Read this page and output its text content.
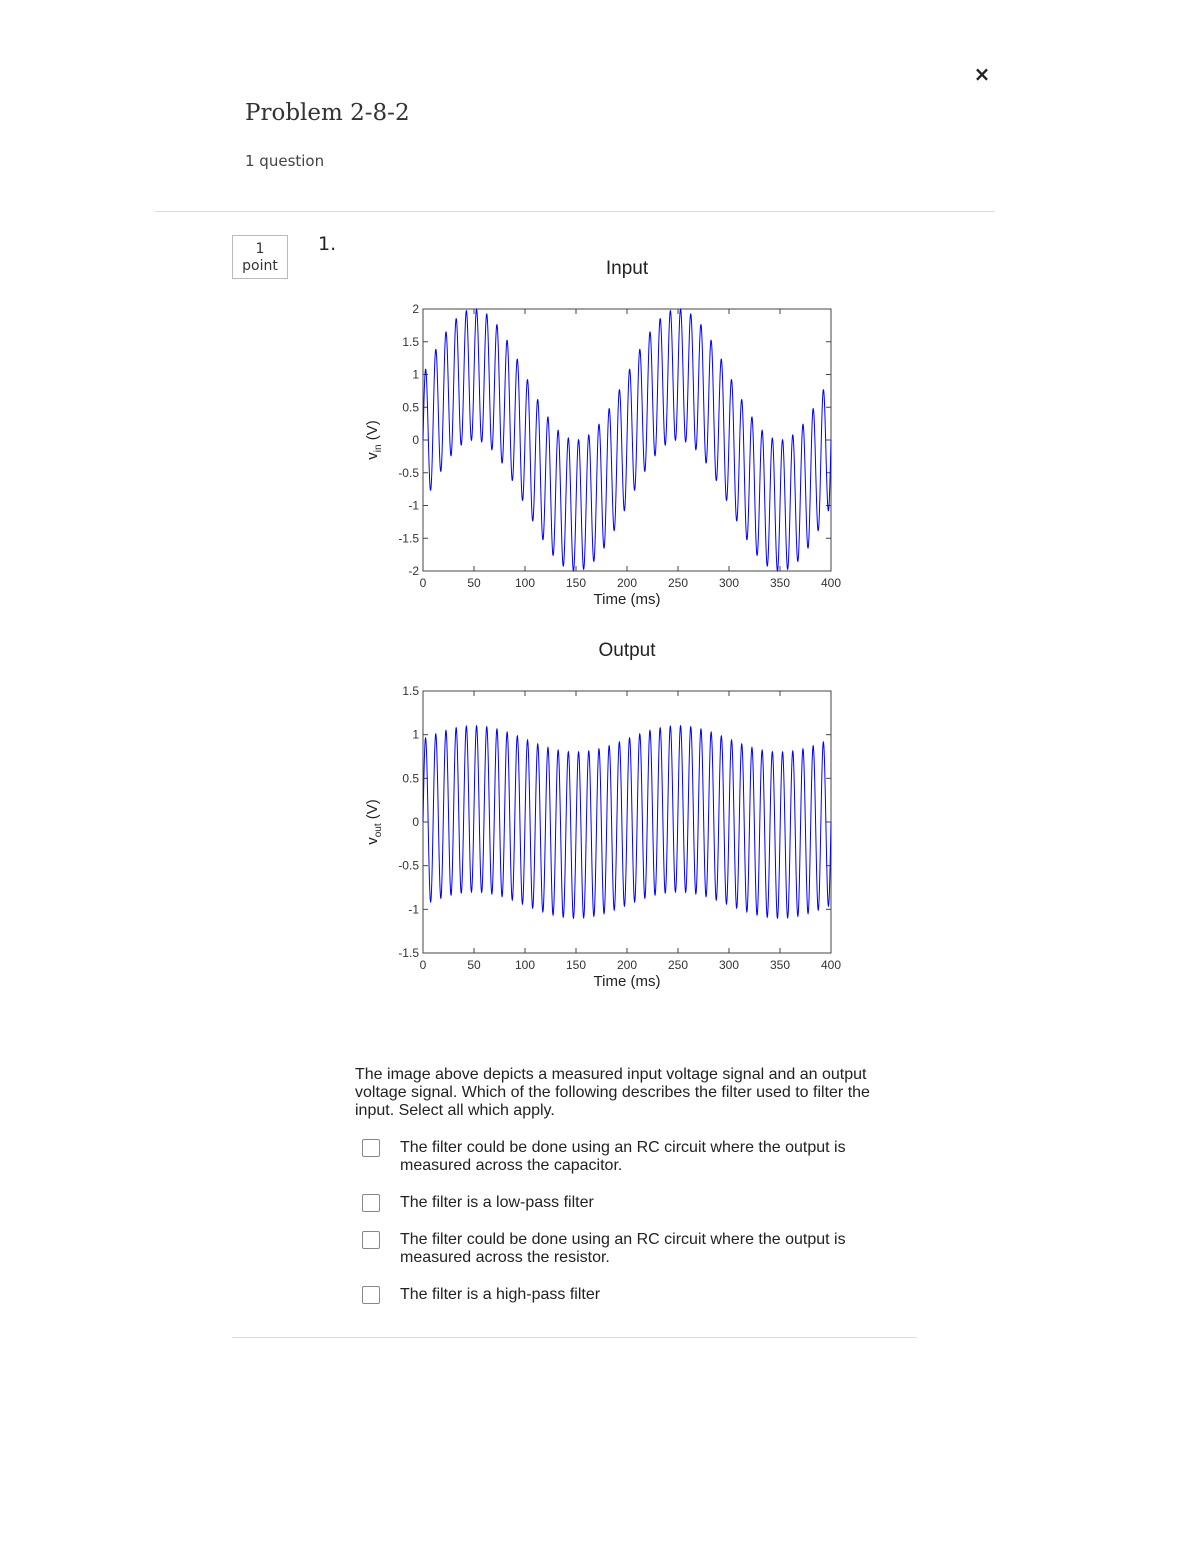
×
Problem 2-8-2
1 question
1
point
1.
Input
0	50	100	150	200	250	300	350	400
2
1.5
1
0.5
0
-0.5
-1
-1.5
-2
Time (ms)
$v_{in}$ (V)
Output
0	50	100	150	200	250	300	350	400
1.5
1
0.5
0
-0.5
-1
-1.5
Time (ms)
$v_{out}$ (V)
The image above depicts a measured input voltage signal and an output voltage signal. Which of the following describes the filter used to filter the input. Select all which apply.
The filter could be done using an RC circuit where the output is measured across the capacitor.
The filter is a low-pass filter
The filter could be done using an RC circuit where the output is measured across the resistor.
The filter is a high-pass filter
